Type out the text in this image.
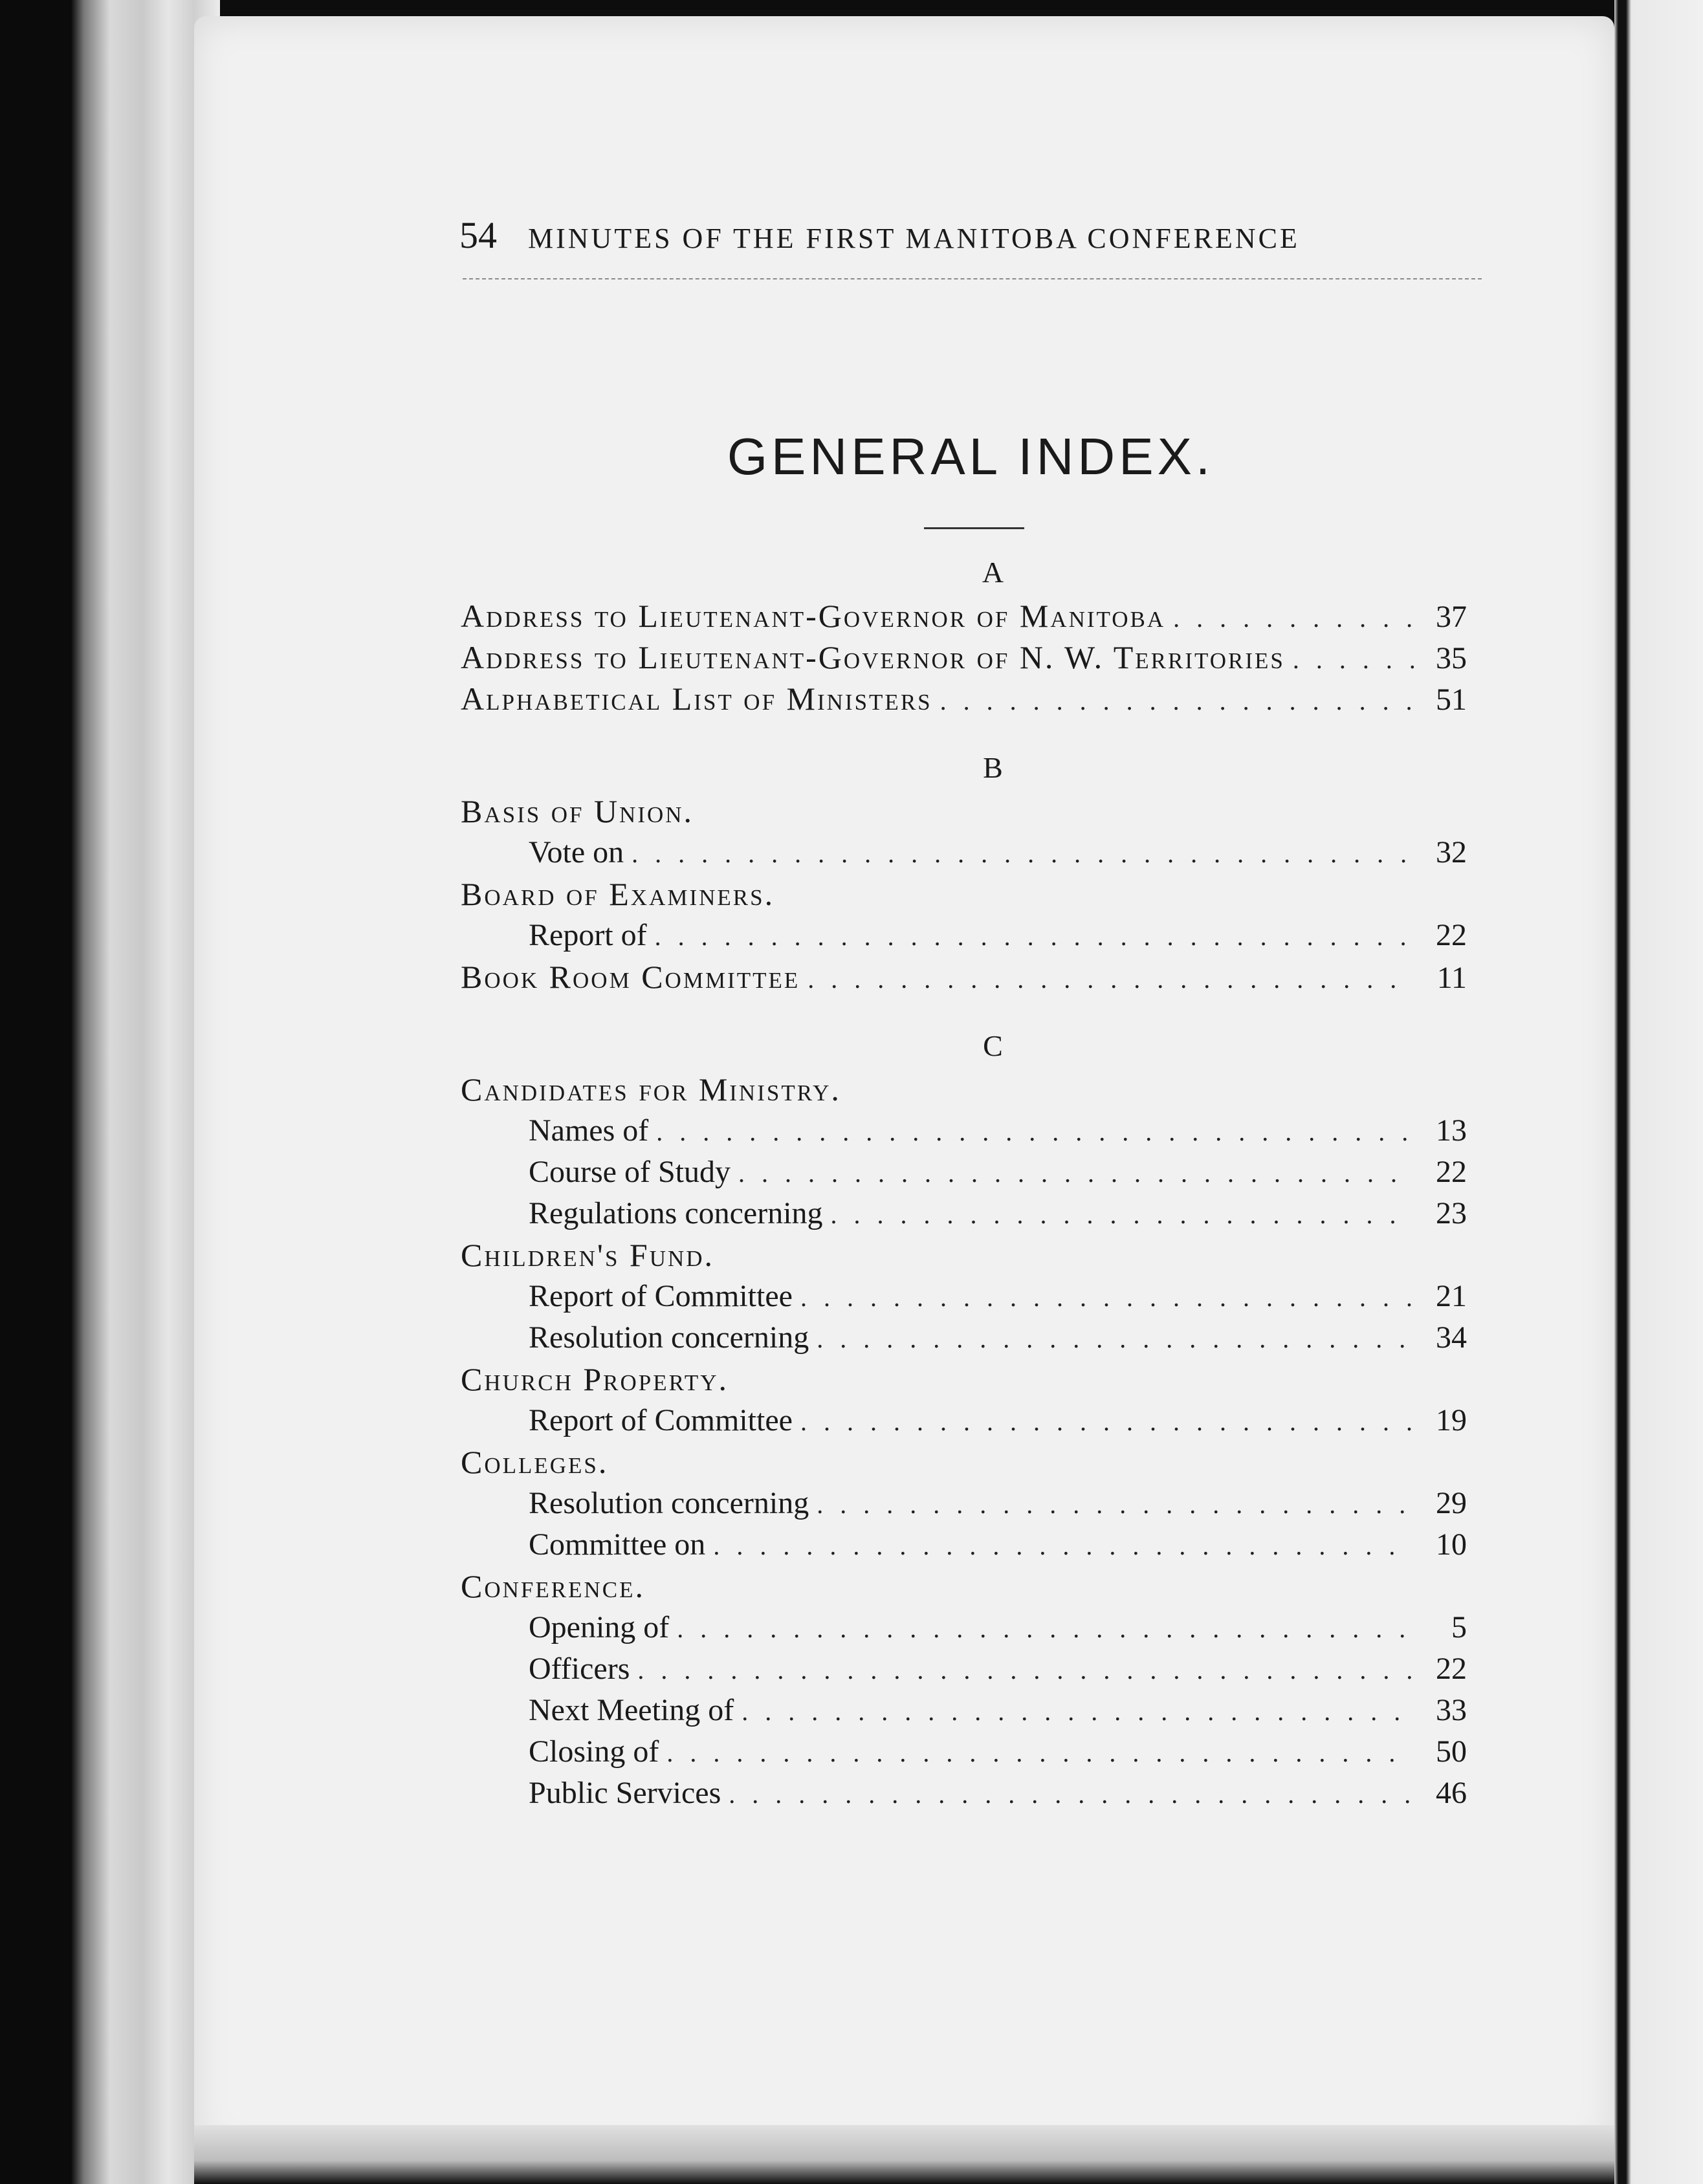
54 MINUTES OF THE FIRST MANITOBA CONFERENCE
GENERAL INDEX.
A
Address to Lieutenant-Governor of Manitoba . . .	37
Address to Lieutenant-Governor of N. W. Territories . . .	35
Alphabetical List of Ministers . . .	51
B
Basis of Union.
Vote on . . .	32
Board of Examiners.
Report of . . .	22
Book Room Committee . . .	11
C
Candidates for Ministry.
Names of . . .	13
Course of Study . . .	22
Regulations concerning . . .	23
Children's Fund.
Report of Committee . . .	21
Resolution concerning . . .	34
Church Property.
Report of Committee . . .	19
Colleges.
Resolution concerning . . .	29
Committee on . . .	10
Conference.
Opening of . . .	5
Officers . . .	22
Next Meeting of . . .	33
Closing of . . .	50
Public Services . . .	46
